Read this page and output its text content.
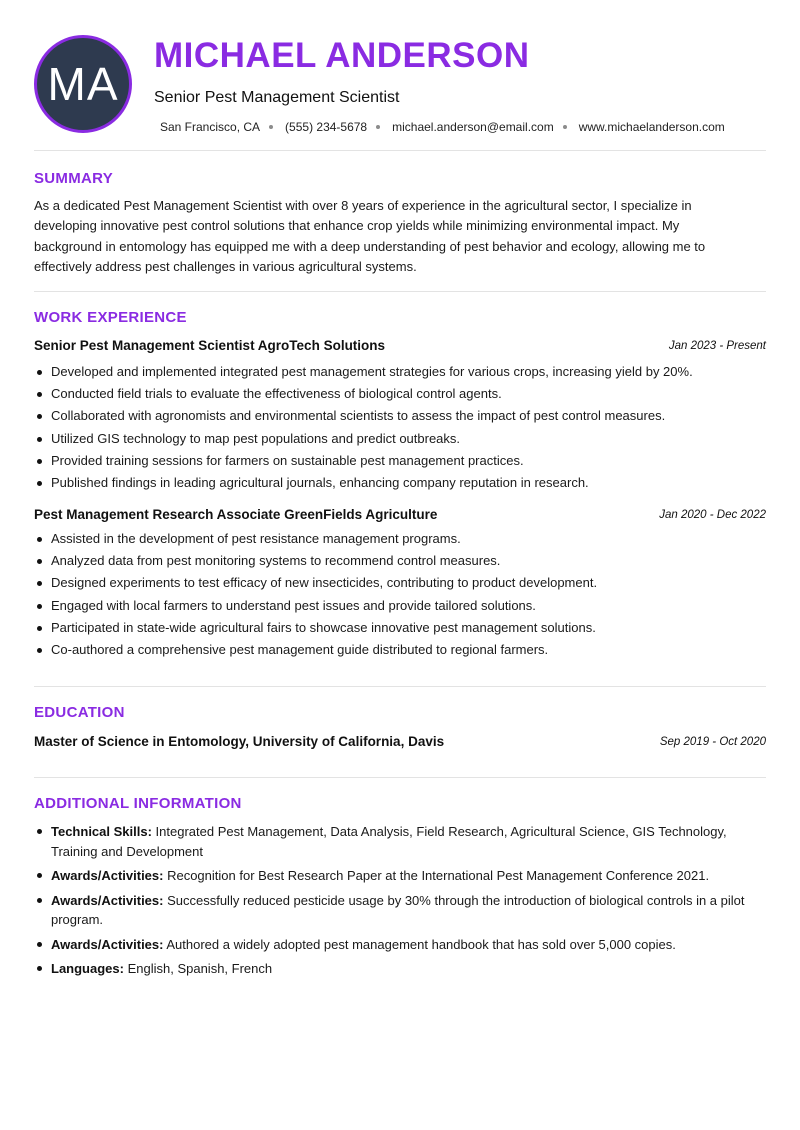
MA
MICHAEL ANDERSON

Senior Pest Management Scientist

San Francisco, CA (555) 234-5678 michael.anderson@email.com www.michaelanderson.com
SUMMARY

As a dedicated Pest Management Scientist with over 8 years of experience in the agricultural sector, I specialize in developing innovative pest control solutions that enhance crop yields while minimizing environmental impact. My background in entomology has equipped me with a deep understanding of pest behavior and ecology, allowing me to effectively address pest challenges in various agricultural systems.

WORK EXPERIENCE
Senior Pest Management Scientist AgroTech Solutions	Jan 2023 - Present
Developed and implemented integrated pest management strategies for various crops, increasing yield by 20%.
Conducted field trials to evaluate the effectiveness of biological control agents.
Collaborated with agronomists and environmental scientists to assess the impact of pest control measures.
Utilized GIS technology to map pest populations and predict outbreaks.
Provided training sessions for farmers on sustainable pest management practices.
Published findings in leading agricultural journals, enhancing company reputation in research.
Pest Management Research Associate GreenFields Agriculture	Jan 2020 - Dec 2022
Assisted in the development of pest resistance management programs.
Analyzed data from pest monitoring systems to recommend control measures.
Designed experiments to test efficacy of new insecticides, contributing to product development.
Engaged with local farmers to understand pest issues and provide tailored solutions.
Participated in state-wide agricultural fairs to showcase innovative pest management solutions.
Co-authored a comprehensive pest management guide distributed to regional farmers.
EDUCATION
Master of Science in Entomology, University of California, Davis	Sep 2019 - Oct 2020
ADDITIONAL INFORMATION
Technical Skills: Integrated Pest Management, Data Analysis, Field Research, Agricultural Science, GIS Technology, Training and Development
Awards/Activities: Recognition for Best Research Paper at the International Pest Management Conference 2021.
Awards/Activities: Successfully reduced pesticide usage by 30% through the introduction of biological controls in a pilot program.
Awards/Activities: Authored a widely adopted pest management handbook that has sold over 5,000 copies.
Languages: English, Spanish, French
